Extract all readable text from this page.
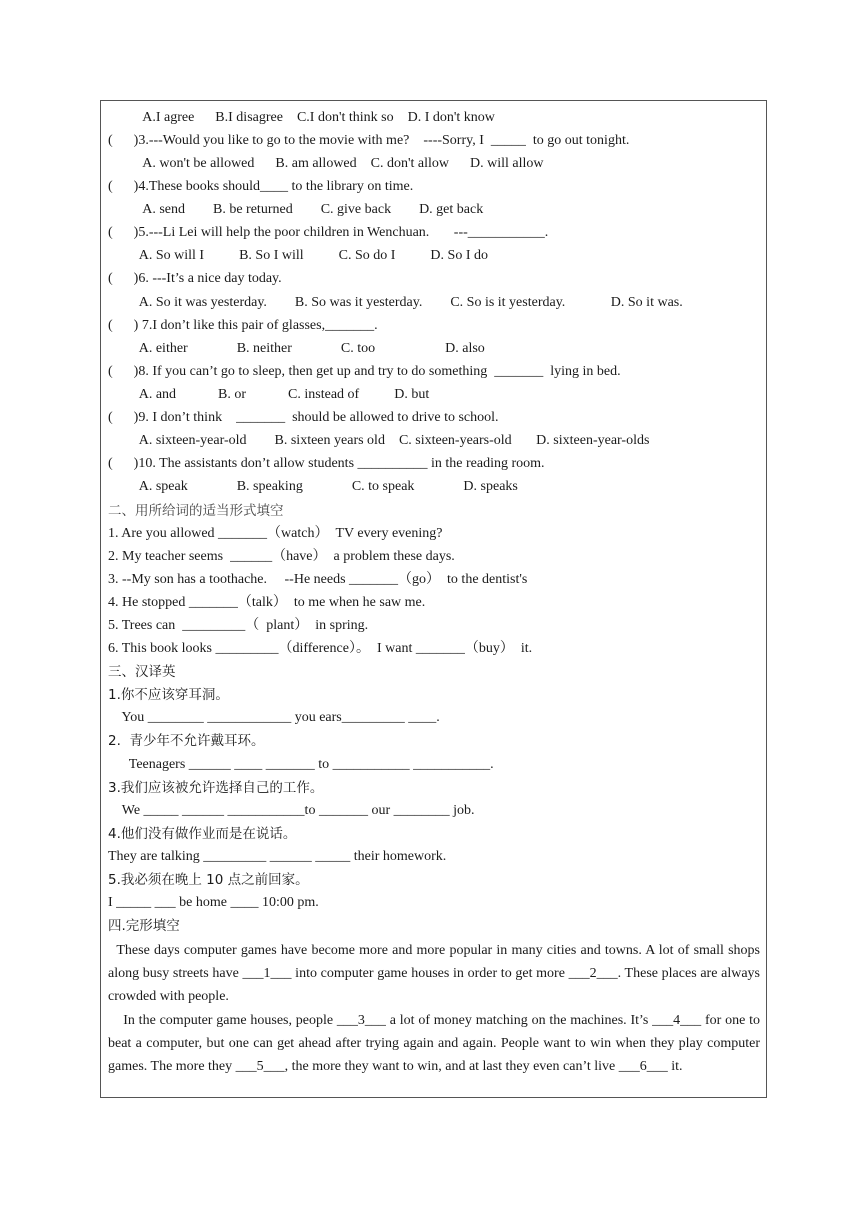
A.I agree      B.I disagree    C.I don't think so    D. I don't know
(      )3.---Would you like to go to the movie with me?    ----Sorry, I  _____  to go out tonight.
A. won't be allowed      B. am allowed    C. don't allow      D. will allow
(      )4.These books should____ to the library on time.
A. send        B. be returned        C. give back        D. get back
(      )5.---Li Lei will help the poor children in Wenchuan.       ---___________.
A. So will I          B. So I will          C. So do I          D. So I do
(      )6. ---It’s a nice day today.
A. So it was yesterday.        B. So was it yesterday.        C. So is it yesterday.             D. So it was.
(      ) 7.I don’t like this pair of glasses,_______.
A. either              B. neither              C. too                    D. also
(      )8. If you can’t go to sleep, then get up and try to do something  _______  lying in bed.
A. and            B. or            C. instead of          D. but
(      )9. I don’t think    _______  should be allowed to drive to school.
A. sixteen-year-old        B. sixteen years old    C. sixteen-years-old       D. sixteen-year-olds
(      )10. The assistants don’t allow students __________ in the reading room.
A. speak              B. speaking              C. to speak              D. speaks
二、用所给词的适当形式填空
1. Are you allowed _______（watch）  TV every evening?
2. My teacher seems  ______（have）  a problem these days.
3. --My son has a toothache.     --He needs _______（go）  to the dentist's
4. He stopped _______（talk）  to me when he saw me.
5. Trees can  _________（  plant）  in spring.
6. This book looks _________（difference）。  I want _______（buy）  it.
三、汉译英
1.你不应该穿耳洞。
You ________ ____________ you ears_________ ____.
2.  青少年不允许戴耳环。
Teenagers ______ ____ _______ to ___________ ___________.
3.我们应该被允许选择自己的工作。
We _____ ______ ___________to _______ our ________ job.
4.他们没有做作业而是在说话。
They are talking _________ ______ _____ their homework.
5.我必须在晚上 10 点之前回家。
I _____ ___ be home ____ 10:00 pm.
四.完形填空

These days computer games have become more and more popular in many cities and towns. A lot of small shops along busy streets have ___1___ into computer game houses in order to get more ___2___. These places are always crowded with people.

In the computer game houses, people ___3___ a lot of money matching on the machines. It’s ___4___ for one to beat a computer, but one can get ahead after trying again and again. People want to win when they play computer games. The more they ___5___, the more they want to win, and at last they even can’t live ___6___ it.
